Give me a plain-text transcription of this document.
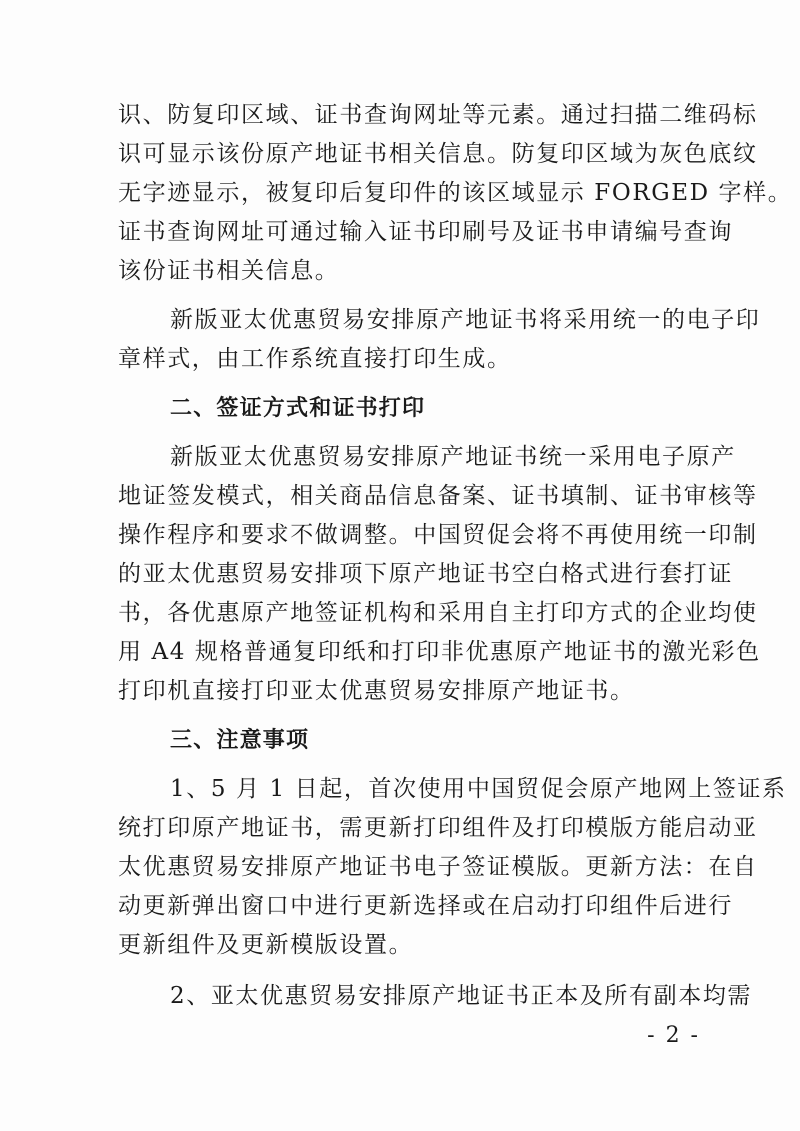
识、防复印区域、证书查询网址等元素。通过扫描二维码标
识可显示该份原产地证书相关信息。防复印区域为灰色底纹
无字迹显示，被复印后复印件的该区域显示 FORGED 字样。
证书查询网址可通过输入证书印刷号及证书申请编号查询
该份证书相关信息。

新版亚太优惠贸易安排原产地证书将采用统一的电子印
章样式，由工作系统直接打印生成。

二、签证方式和证书打印

新版亚太优惠贸易安排原产地证书统一采用电子原产
地证签发模式，相关商品信息备案、证书填制、证书审核等
操作程序和要求不做调整。中国贸促会将不再使用统一印制
的亚太优惠贸易安排项下原产地证书空白格式进行套打证
书，各优惠原产地签证机构和采用自主打印方式的企业均使
用 A4 规格普通复印纸和打印非优惠原产地证书的激光彩色
打印机直接打印亚太优惠贸易安排原产地证书。

三、注意事项

1、5 月 1 日起，首次使用中国贸促会原产地网上签证系
统打印原产地证书，需更新打印组件及打印模版方能启动亚
太优惠贸易安排原产地证书电子签证模版。更新方法：在自
动更新弹出窗口中进行更新选择或在启动打印组件后进行
更新组件及更新模版设置。

2、亚太优惠贸易安排原产地证书正本及所有副本均需

- 2 -
